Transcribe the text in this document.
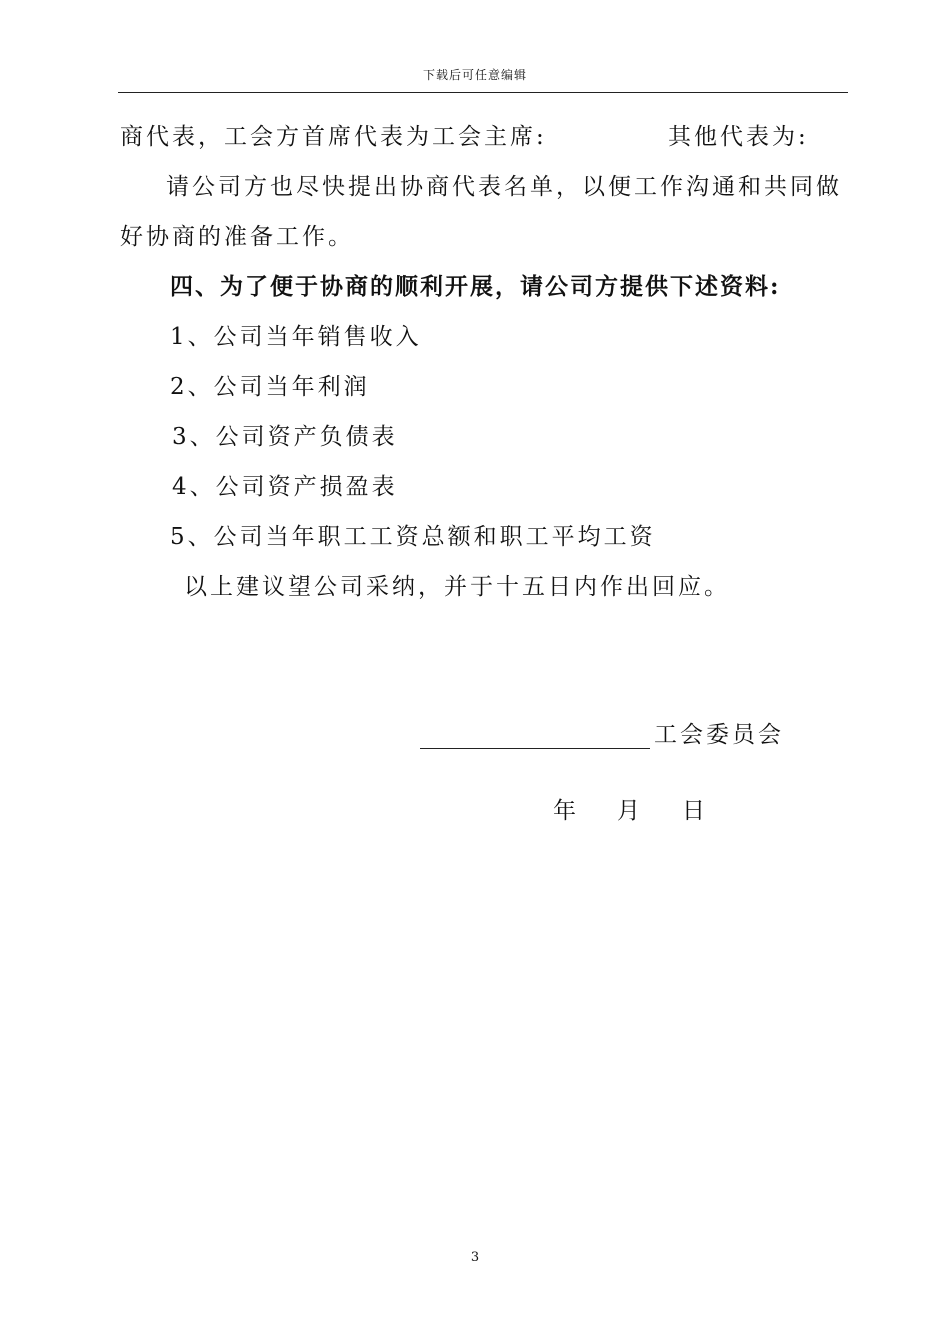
下载后可任意编辑
商代表，工会方首席代表为工会主席:	其他代表为:
请公司方也尽快提出协商代表名单，以便工作沟通和共同做
好协商的准备工作。
四、为了便于协商的顺利开展，请公司方提供下述资料:
1、公司当年销售收入
2、公司当年利润
3、公司资产负债表
4、公司资产损盈表
5、公司当年职工工资总额和职工平均工资
以上建议望公司采纳，并于十五日内作出回应。
工会委员会
年 月 日
3
